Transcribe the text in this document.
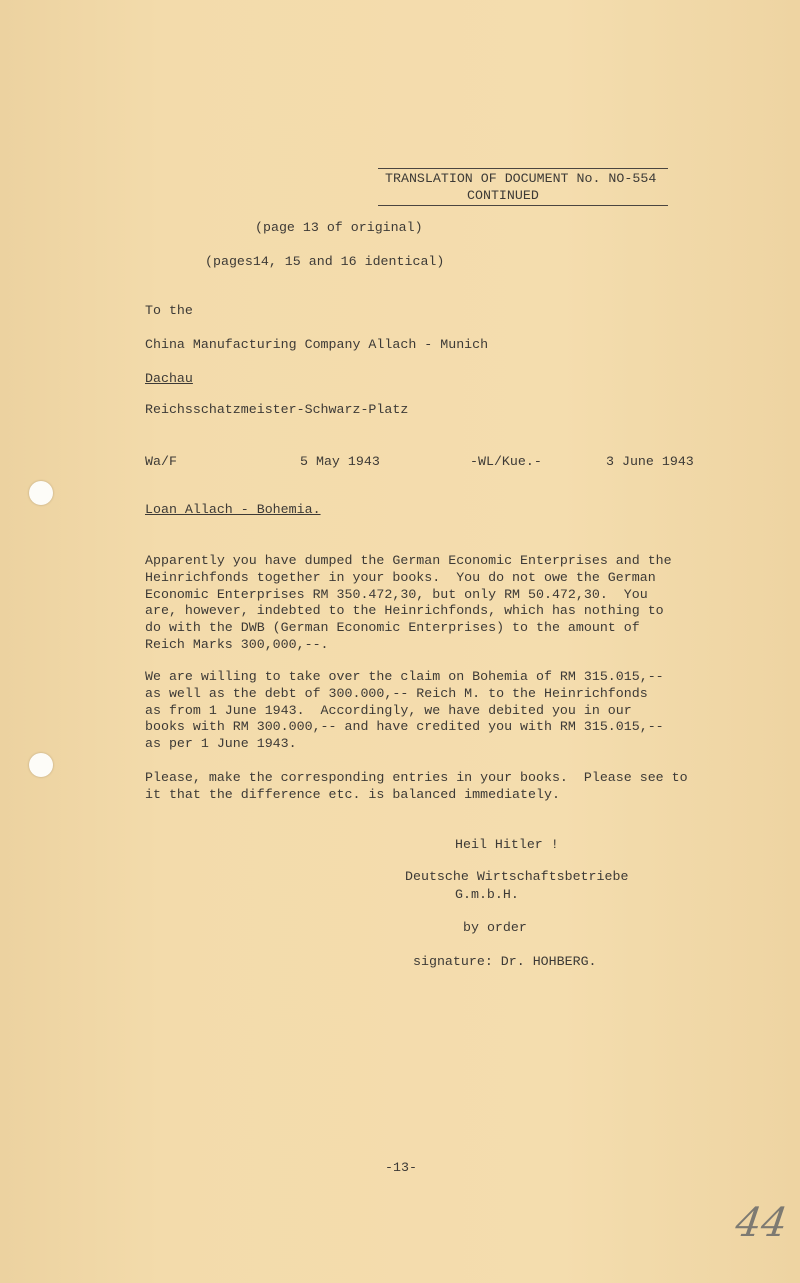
TRANSLATION OF DOCUMENT No. NO-554
CONTINUED
(page 13 of original)
(pages14, 15 and 16 identical)
To the
China Manufacturing Company Allach - Munich
Dachau
Reichsschatzmeister-Schwarz-Platz
Wa/F	5 May 1943	-WL/Kue.-	3 June 1943
Loan Allach - Bohemia.
Apparently you have dumped the German Economic Enterprises and the
Heinrichfonds together in your books.  You do not owe the German
Economic Enterprises RM 350.472,30, but only RM 50.472,30.  You
are, however, indebted to the Heinrichfonds, which has nothing to
do with the DWB (German Economic Enterprises) to the amount of
Reich Marks 300,000,--.
We are willing to take over the claim on Bohemia of RM 315.015,--
as well as the debt of 300.000,-- Reich M. to the Heinrichfonds
as from 1 June 1943.  Accordingly, we have debited you in our
books with RM 300.000,-- and have credited you with RM 315.015,--
as per 1 June 1943.
Please, make the corresponding entries in your books.  Please see to
it that the difference etc. is balanced immediately.
Heil Hitler !
Deutsche Wirtschaftsbetriebe
G.m.b.H.
by order
signature: Dr. HOHBERG.
-13-
44
